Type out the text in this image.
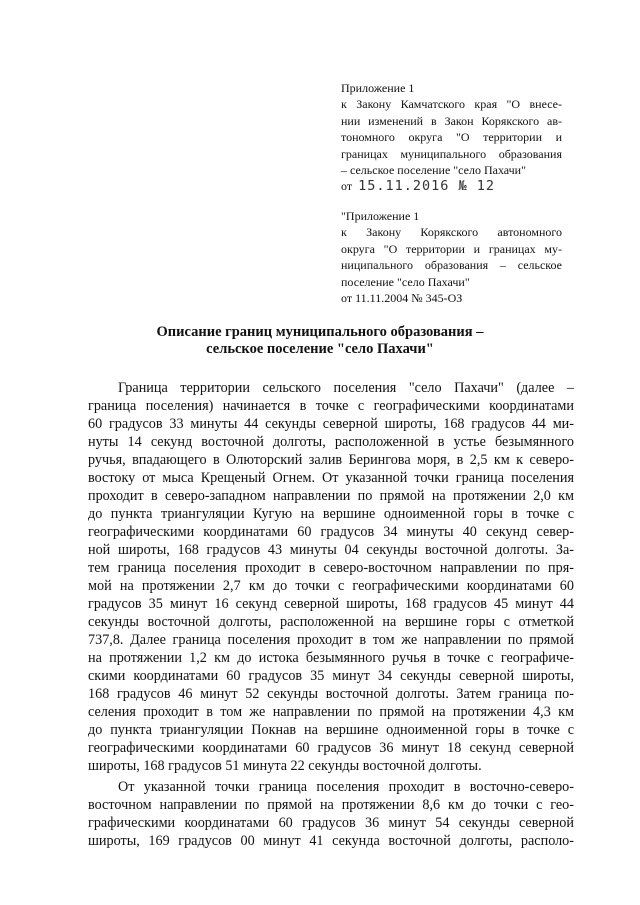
Приложение 1
к Закону Камчатского края "О внесе-
нии изменений в Закон Корякского ав-
тономного округа "О территории и
границах муниципального образования
– сельское поселение "село Пахачи"
от 15.11.2016 № 12
"Приложение 1
к Закону Корякского автономного
округа "О территории и границах му-
ниципального образования – сельское
поселение "село Пахачи"
от 11.11.2004 № 345-ОЗ
Описание границ муниципального образования –
сельское поселение "село Пахачи"
Граница территории сельского поселения "село Пахачи" (далее –
граница поселения) начинается в точке с географическими координатами
60 градусов 33 минуты 44 секунды северной широты, 168 градусов 44 ми-
нуты 14 секунд восточной долготы, расположенной в устье безымянного
ручья, впадающего в Олюторский залив Берингова моря, в 2,5 км к северо-
востоку от мыса Крещеный Огнем. От указанной точки граница поселения
проходит в северо-западном направлении по прямой на протяжении 2,0 км
до пункта триангуляции Кугую на вершине одноименной горы в точке с
географическими координатами 60 градусов 34 минуты 40 секунд север-
ной широты, 168 градусов 43 минуты 04 секунды восточной долготы. За-
тем граница поселения проходит в северо-восточном направлении по пря-
мой на протяжении 2,7 км до точки с географическими координатами 60
градусов 35 минут 16 секунд северной широты, 168 градусов 45 минут 44
секунды восточной долготы, расположенной на вершине горы с отметкой
737,8. Далее граница поселения проходит в том же направлении по прямой
на протяжении 1,2 км до истока безымянного ручья в точке с географиче-
скими координатами 60 градусов 35 минут 34 секунды северной широты,
168 градусов 46 минут 52 секунды восточной долготы. Затем граница по-
селения проходит в том же направлении по прямой на протяжении 4,3 км
до пункта триангуляции Покнав на вершине одноименной горы в точке с
географическими координатами 60 градусов 36 минут 18 секунд северной
широты, 168 градусов 51 минута 22 секунды восточной долготы.
От указанной точки граница поселения проходит в восточно-северо-
восточном направлении по прямой на протяжении 8,6 км до точки с гео-
графическими координатами 60 градусов 36 минут 54 секунды северной
широты, 169 градусов 00 минут 41 секунда восточной долготы, располо-
